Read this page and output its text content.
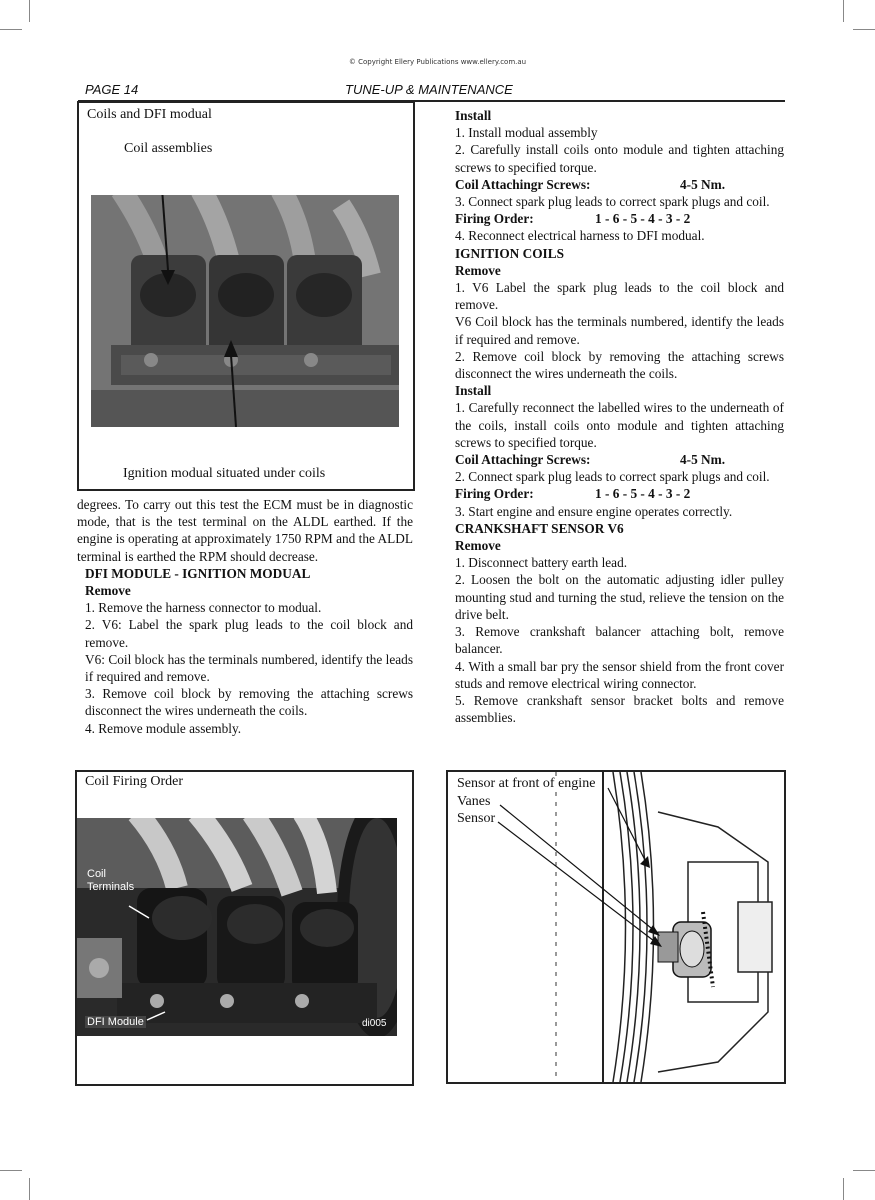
© Copyright Ellery Publications www.ellery.com.au
PAGE 14	TUNE-UP & MAINTENANCE
Coils and DFI modual
Coil assemblies
Ignition modual situated under coils

degrees. To carry out this test the ECM must be in diagnostic mode, that is the test terminal on the ALDL earthed. If the engine is operating at approximately 1750 RPM and the ALDL terminal is earthed the RPM should decrease.

DFI MODULE - IGNITION MODUAL

Remove

1. Remove the harness connector to modual.

2. V6: Label the spark plug leads to the coil block and remove.

V6: Coil block has the terminals numbered, identify the leads if required and remove.

3. Remove coil block by removing the attaching screws disconnect the wires underneath the coils.

4. Remove module assembly.

Install

1. Install modual assembly

2. Carefully install coils onto module and tighten attaching screws to specified torque.

Coil Attachingr Screws:	4-5 Nm.

3. Connect spark plug leads to correct spark plugs and coil.

Firing Order:	1 - 6 - 5 - 4 - 3 - 2

4. Reconnect electrical harness to DFI modual.

IGNITION COILS

Remove

1. V6 Label the spark plug leads to the coil block and remove.

V6 Coil block has the terminals numbered, identify the leads if required and remove.

2. Remove coil block by removing the attaching screws disconnect the wires underneath the coils.

Install

1. Carefully reconnect the labelled wires to the underneath of the coils, install coils onto module and tighten attaching screws to specified torque.

Coil Attachingr Screws:	4-5 Nm.

2. Connect spark plug leads to correct spark plugs and coil.

Firing Order:	1 - 6 - 5 - 4 - 3 - 2

3. Start engine and ensure engine operates correctly.

CRANKSHAFT SENSOR V6

Remove

1. Disconnect battery earth lead.

2. Loosen the bolt on the automatic adjusting idler pulley mounting stud and turning the stud, relieve the tension on the drive belt.

3. Remove crankshaft balancer attaching bolt, remove balancer.

4. With a small bar pry the sensor shield from the front cover studs and remove electrical wiring connector.

5. Remove crankshaft sensor bracket bolts and remove assemblies.

Coil Firing Order
Coil
Terminals
DFI Module	di005
Sensor at front of engine
Vanes
Sensor
